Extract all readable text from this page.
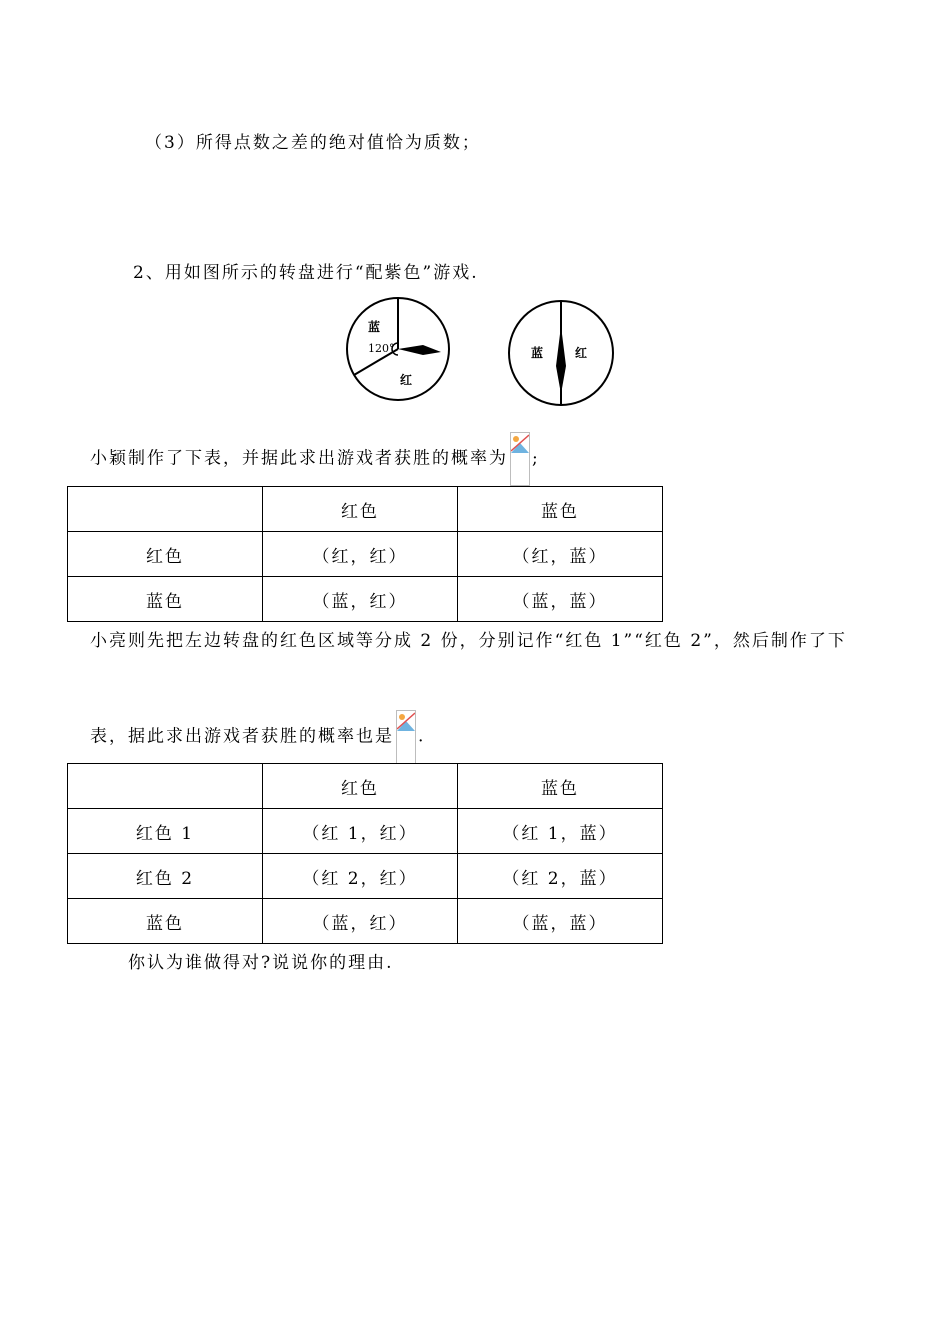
（3）所得点数之差的绝对值恰为质数；
2、用如图所示的转盘进行“配紫色”游戏.
蓝
120°
红
蓝	红
小颖制作了下表，并据此求出游戏者获胜的概率为 ;
	红色	蓝色
红色	（红，红）	（红，蓝）
蓝色	（蓝，红）	（蓝，蓝）
小亮则先把左边转盘的红色区域等分成 2 份，分别记作“红色 1”“红色 2”，然后制作了下
表，据此求出游戏者获胜的概率也是 .
	红色	蓝色
红色 1	（红 1，红）	（红 1，蓝）
红色 2	（红 2，红）	（红 2，蓝）
蓝色	（蓝，红）	（蓝，蓝）
你认为谁做得对?说说你的理由.
